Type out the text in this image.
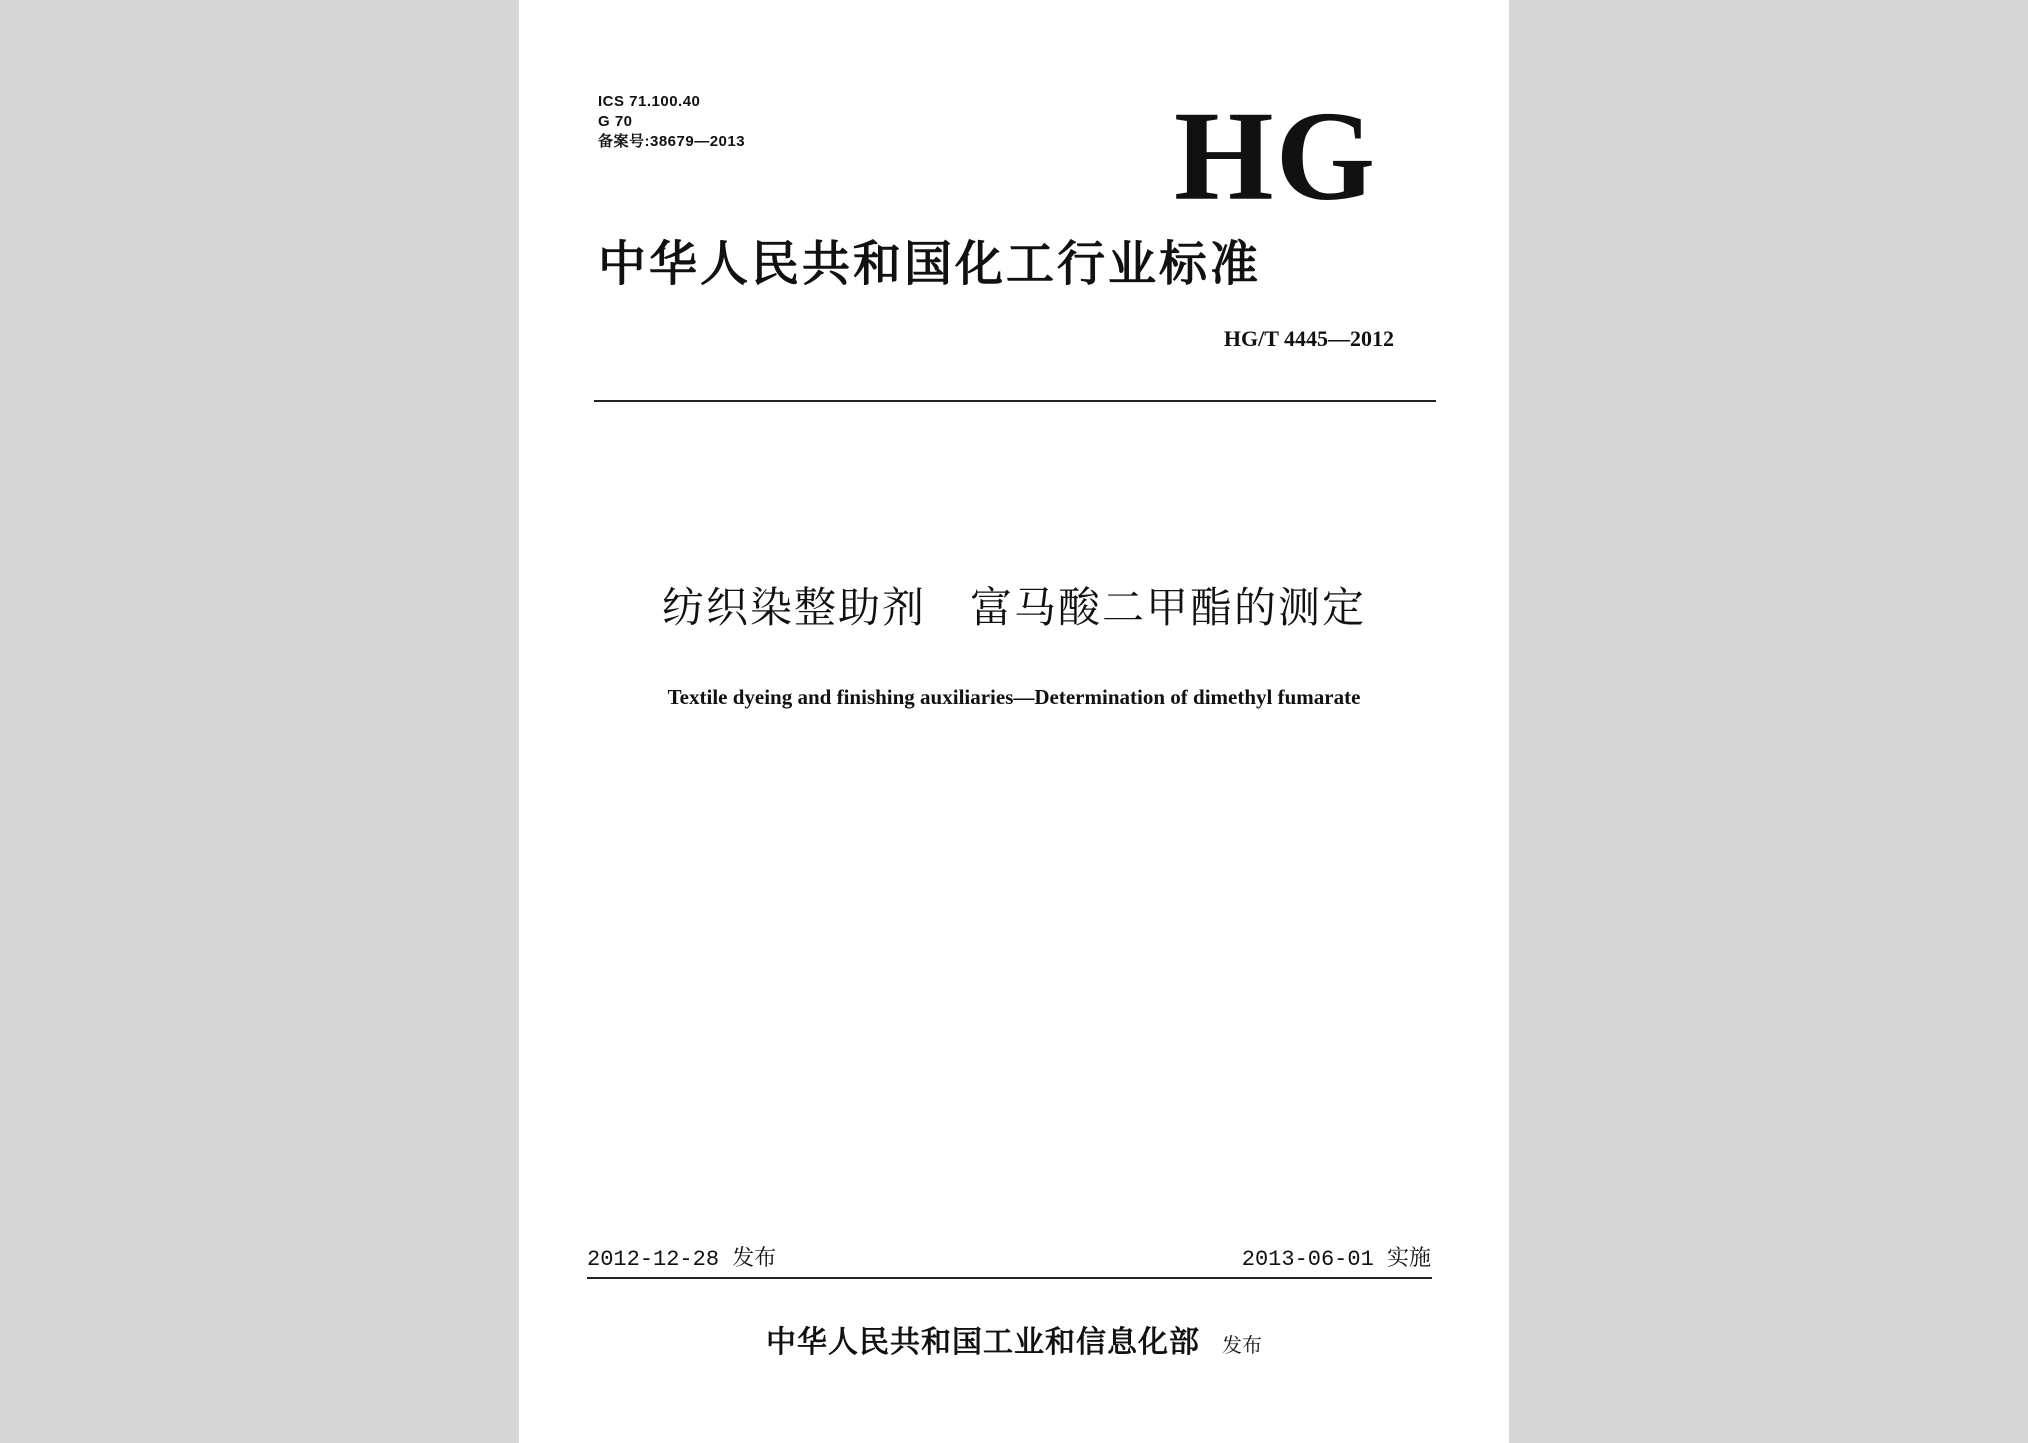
ICS 71.100.40
G 70
备案号:38679—2013	HG
中华人民共和国化工行业标准
HG/T 4445—2012
纺织染整助剂　富马酸二甲酯的测定
Textile dyeing and finishing auxiliaries—Determination of dimethyl fumarate
2012-12-28 发布	2013-06-01 实施
中华人民共和国工业和信息化部 发布
